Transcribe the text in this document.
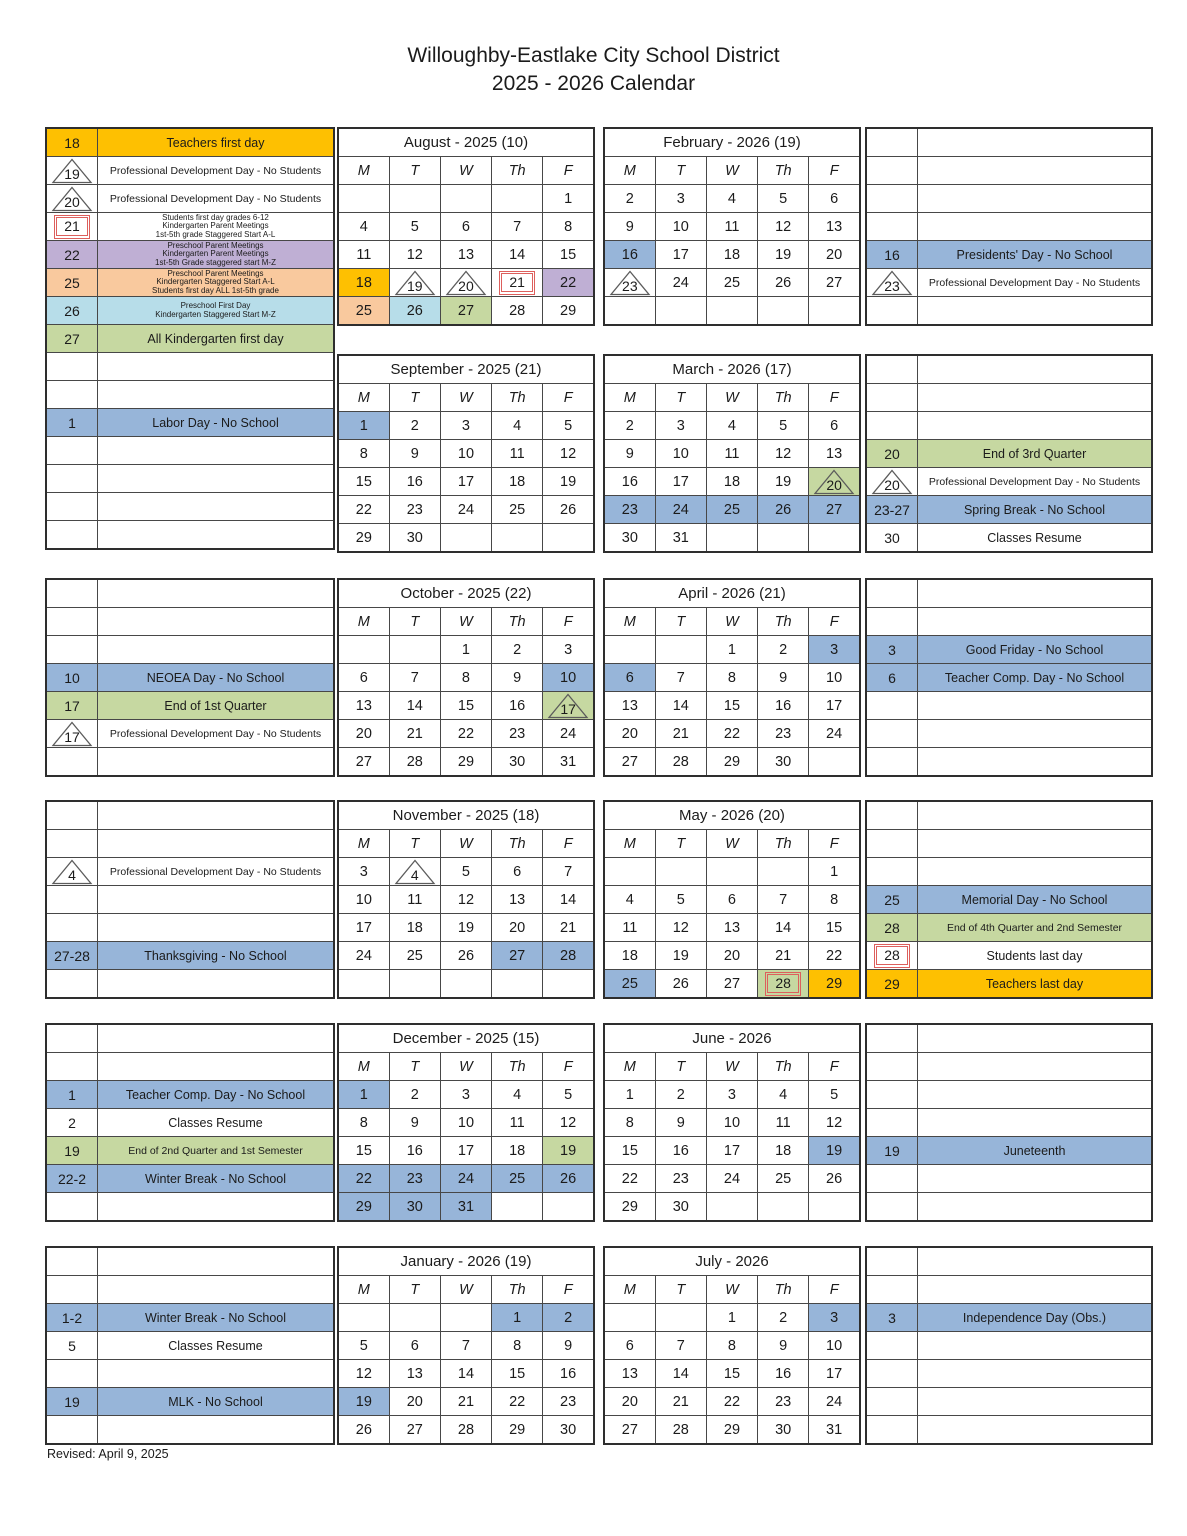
Willoughby-Eastlake City School District
2025 - 2026 Calendar
18	Teachers first day

19	Professional Development Day - No Students

20	Professional Development Day - No Students
21	Students first day grades 6-12
Kindergarten Parent Meetings
1st-5th grade Staggered Start A-L

22	Preschool Parent Meetings
Kindergarten Parent Meetings
1st-5th Grade staggered start M-Z

25	Preschool Parent Meetings
Kindergarten Staggered Start A-L
Students first day ALL 1st-5th grade

26	Preschool First Day
Kindergarten Staggered Start M-Z

27	All Kindergarten first day

1	Labor Day - No School

August - 2025 (10)				
M	T	W	Th	F
				1
4	5	6	7	8
11	12	13	14	15
18	19	20	21	22
25	26	27	28	29
September - 2025 (21)				
M	T	W	Th	F
1	2	3	4	5
8	9	10	11	12
15	16	17	18	19
22	23	24	25	26
29	30			
February - 2026 (19)				
M	T	W	Th	F
2	3	4	5	6
9	10	11	12	13
16	17	18	19	20

23	24	25	26	27

March - 2026 (17)				
M	T	W	Th	F
2	3	4	5	6
9	10	11	12	13
16	17	18	19	20

23	24	25	26	27
30	31			

16	Presidents' Day - No School

23	Professional Development Day - No Students

20	End of 3rd Quarter

20	Professional Development Day - No Students
23-27	Spring Break - No School
30	Classes Resume

10	NEOEA Day - No School
17	End of 1st Quarter

17	Professional Development Day - No Students

October - 2025 (22)				
M	T	W	Th	F
		1	2	3
6	7	8	9	10
13	14	15	16	17

20	21	22	23	24
27	28	29	30	31
April - 2026 (21)				
M	T	W	Th	F
		1	2	3
6	7	8	9	10
13	14	15	16	17
20	21	22	23	24
27	28	29	30	

3	Good Friday - No School
6	Teacher Comp. Day - No School

4	Professional Development Day - No Students

27-28	Thanksgiving - No School

November - 2025 (18)				
M	T	W	Th	F
3	4	5	6	7
10	11	12	13	14
17	18	19	20	21
24	25	26	27	28

May - 2026 (20)				
M	T	W	Th	F
				1
4	5	6	7	8
11	12	13	14	15
18	19	20	21	22
25	26	27	28	29

25	Memorial Day - No School
28	End of 4th Quarter and 2nd Semester
28	Students last day
29	Teachers last day

1	Teacher Comp. Day - No School
2	Classes Resume
19	End of 2nd Quarter and 1st Semester
22-2	Winter Break - No School

December - 2025 (15)				
M	T	W	Th	F
1	2	3	4	5
8	9	10	11	12
15	16	17	18	19
22	23	24	25	26
29	30	31		
June - 2026				
M	T	W	Th	F
1	2	3	4	5
8	9	10	11	12
15	16	17	18	19
22	23	24	25	26
29	30			

19	Juneteenth

1-2	Winter Break - No School
5	Classes Resume

19	MLK - No School

January - 2026 (19)				
M	T	W	Th	F
			1	2
5	6	7	8	9
12	13	14	15	16
19	20	21	22	23
26	27	28	29	30
July - 2026				
M	T	W	Th	F
		1	2	3
6	7	8	9	10
13	14	15	16	17
20	21	22	23	24
27	28	29	30	31

3	Independence Day (Obs.)

Revised: April 9, 2025
